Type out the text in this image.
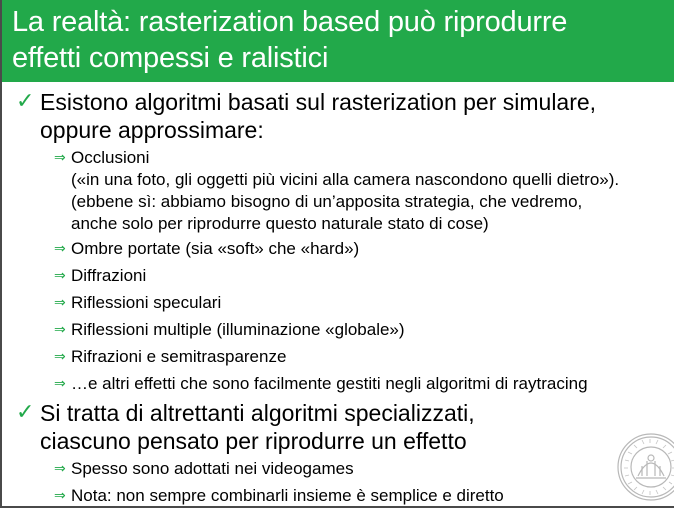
La realtà: rasterization based può riprodurre
effetti compessi e ralistici
✓ Esistono algoritmi basati sul rasterization per simulare,
oppure approssimare:
⇒ Occlusioni
(«in una foto, gli oggetti più vicini alla camera nascondono quelli dietro»).
(ebbene sì: abbiamo bisogno di un’apposita strategia, che vedremo,
anche solo per riprodurre questo naturale stato di cose)
⇒ Ombre portate (sia «soft» che «hard»)
⇒ Diffrazioni
⇒ Riflessioni speculari
⇒ Riflessioni multiple (illuminazione «globale»)
⇒ Rifrazioni e semitrasparenze
⇒ …e altri effetti che sono facilmente gestiti negli algoritmi di raytracing
✓ Si tratta di altrettanti algoritmi specializzati,
ciascuno pensato per riprodurre un effetto
⇒ Spesso sono adottati nei videogames
⇒ Nota: non sempre combinarli insieme è semplice e diretto
